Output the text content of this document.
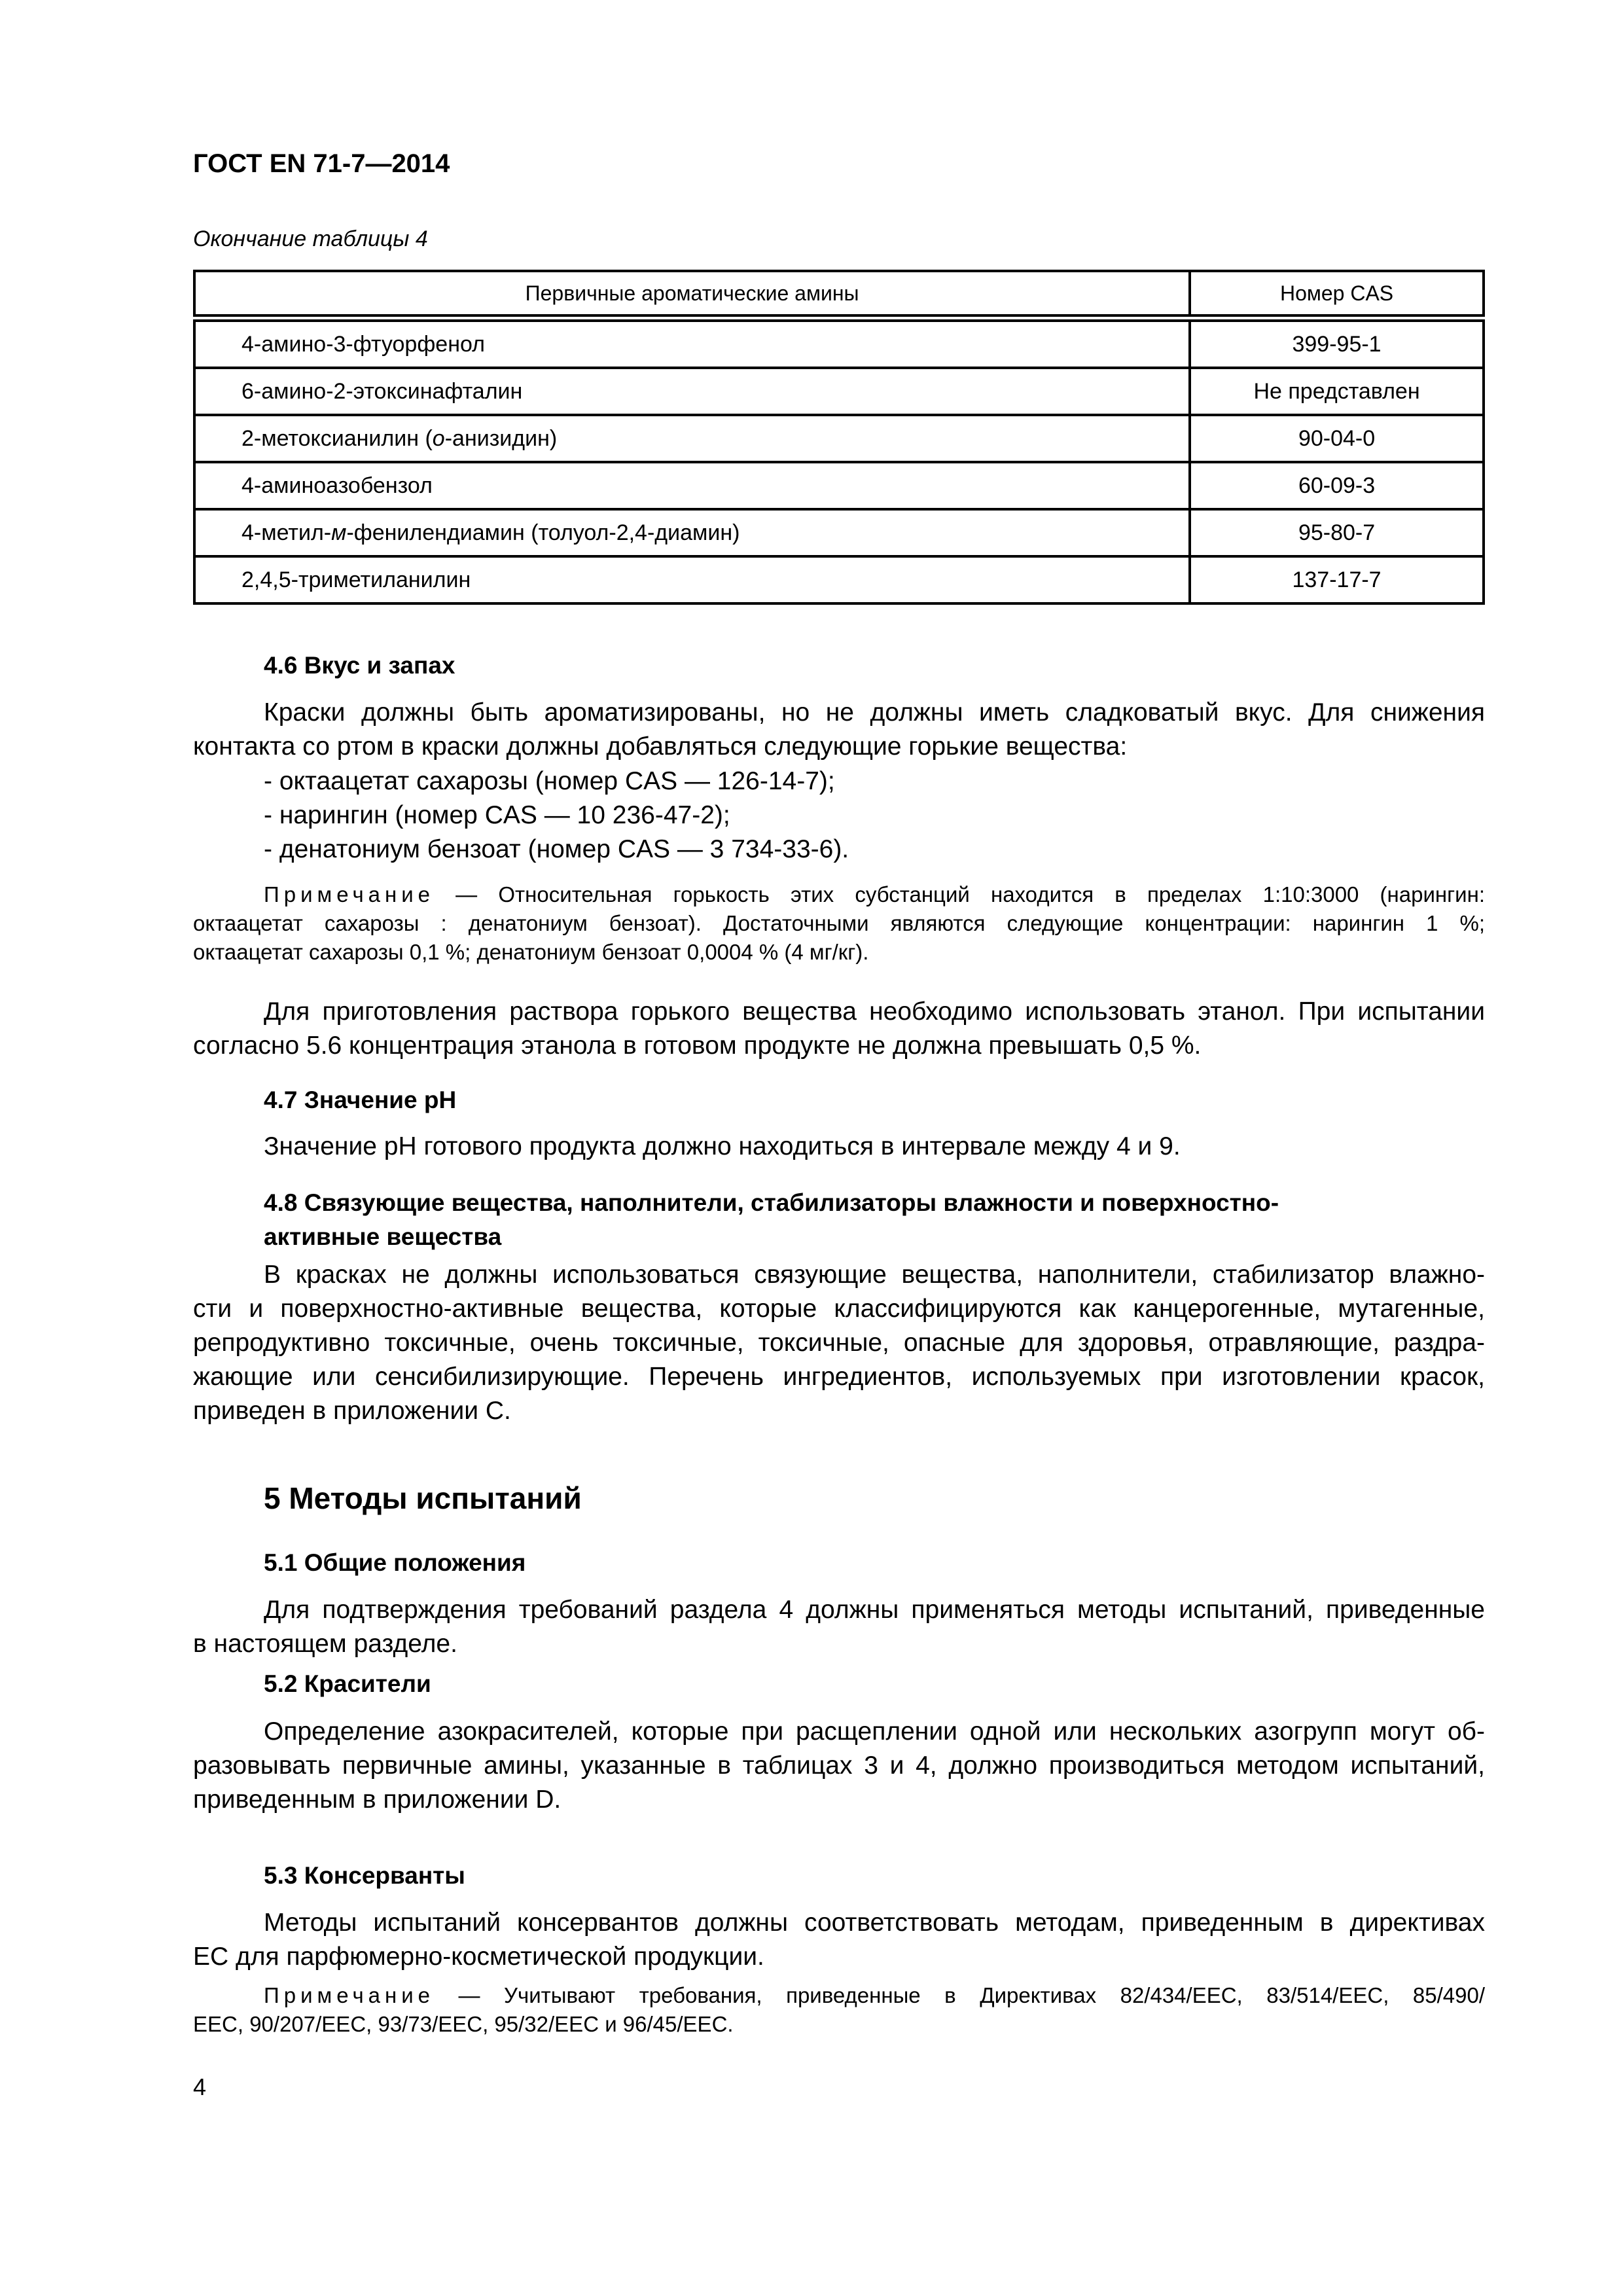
ГОСТ EN 71-7—2014
Окончание таблицы 4
Первичные ароматические амины	Номер CAS
4-амино-3-фтуорфенол	399-95-1
6-амино-2-этоксинафталин	Не представлен
2-метоксианилин (о-анизидин)	90-04-0
4-аминоазобензол	60-09-3
4-метил-м-фенилендиамин (толуол-2,4-диамин)	95-80-7
2,4,5-триметиланилин	137-17-7
4.6 Вкус и запах
Краски должны быть ароматизированы, но не должны иметь сладковатый вкус. Для снижения
контакта со ртом в краски должны добавляться следующие горькие вещества:
- октаацетат сахарозы (номер CAS — 126-14-7);
- нарингин (номер CAS — 10 236-47-2);
- денатониум бензоат (номер CAS — 3 734-33-6).
Примечание — Относительная горькость этих субстанций находится в пределах 1:10:3000 (нарингин:
октаацетат сахарозы : денатониум бензоат). Достаточными являются следующие концентрации: нарингин 1 %;
октаацетат сахарозы 0,1 %; денатониум бензоат 0,0004 % (4 мг/кг).
Для приготовления раствора горького вещества необходимо использовать этанол. При испытании
согласно 5.6 концентрация этанола в готовом продукте не должна превышать 0,5 %.
4.7 Значение рН
Значение рН готового продукта должно находиться в интервале между 4 и 9.
4.8 Связующие вещества, наполнители, стабилизаторы влажности и поверхностно-
активные вещества
В красках не должны использоваться связующие вещества, наполнители, стабилизатор влажно-
сти и поверхностно-активные вещества, которые классифицируются как канцерогенные, мутагенные,
репродуктивно токсичные, очень токсичные, токсичные, опасные для здоровья, отравляющие, раздра-
жающие или сенсибилизирующие. Перечень ингредиентов, используемых при изготовлении красок,
приведен в приложении С.
5 Методы испытаний
5.1 Общие положения
Для подтверждения требований раздела 4 должны применяться методы испытаний, приведенные
в настоящем разделе.
5.2 Красители
Определение азокрасителей, которые при расщеплении одной или нескольких азогрупп могут об-
разовывать первичные амины, указанные в таблицах 3 и 4, должно производиться методом испытаний,
приведенным в приложении D.
5.3 Консерванты
Методы испытаний консервантов должны соответствовать методам, приведенным в директивах
ЕС для парфюмерно-косметической продукции.
Примечание — Учитывают требования, приведенные в Директивах 82/434/EEC, 83/514/EEC, 85/490/
EEC, 90/207/EEC, 93/73/EEC, 95/32/EEC и 96/45/EEC.
4
